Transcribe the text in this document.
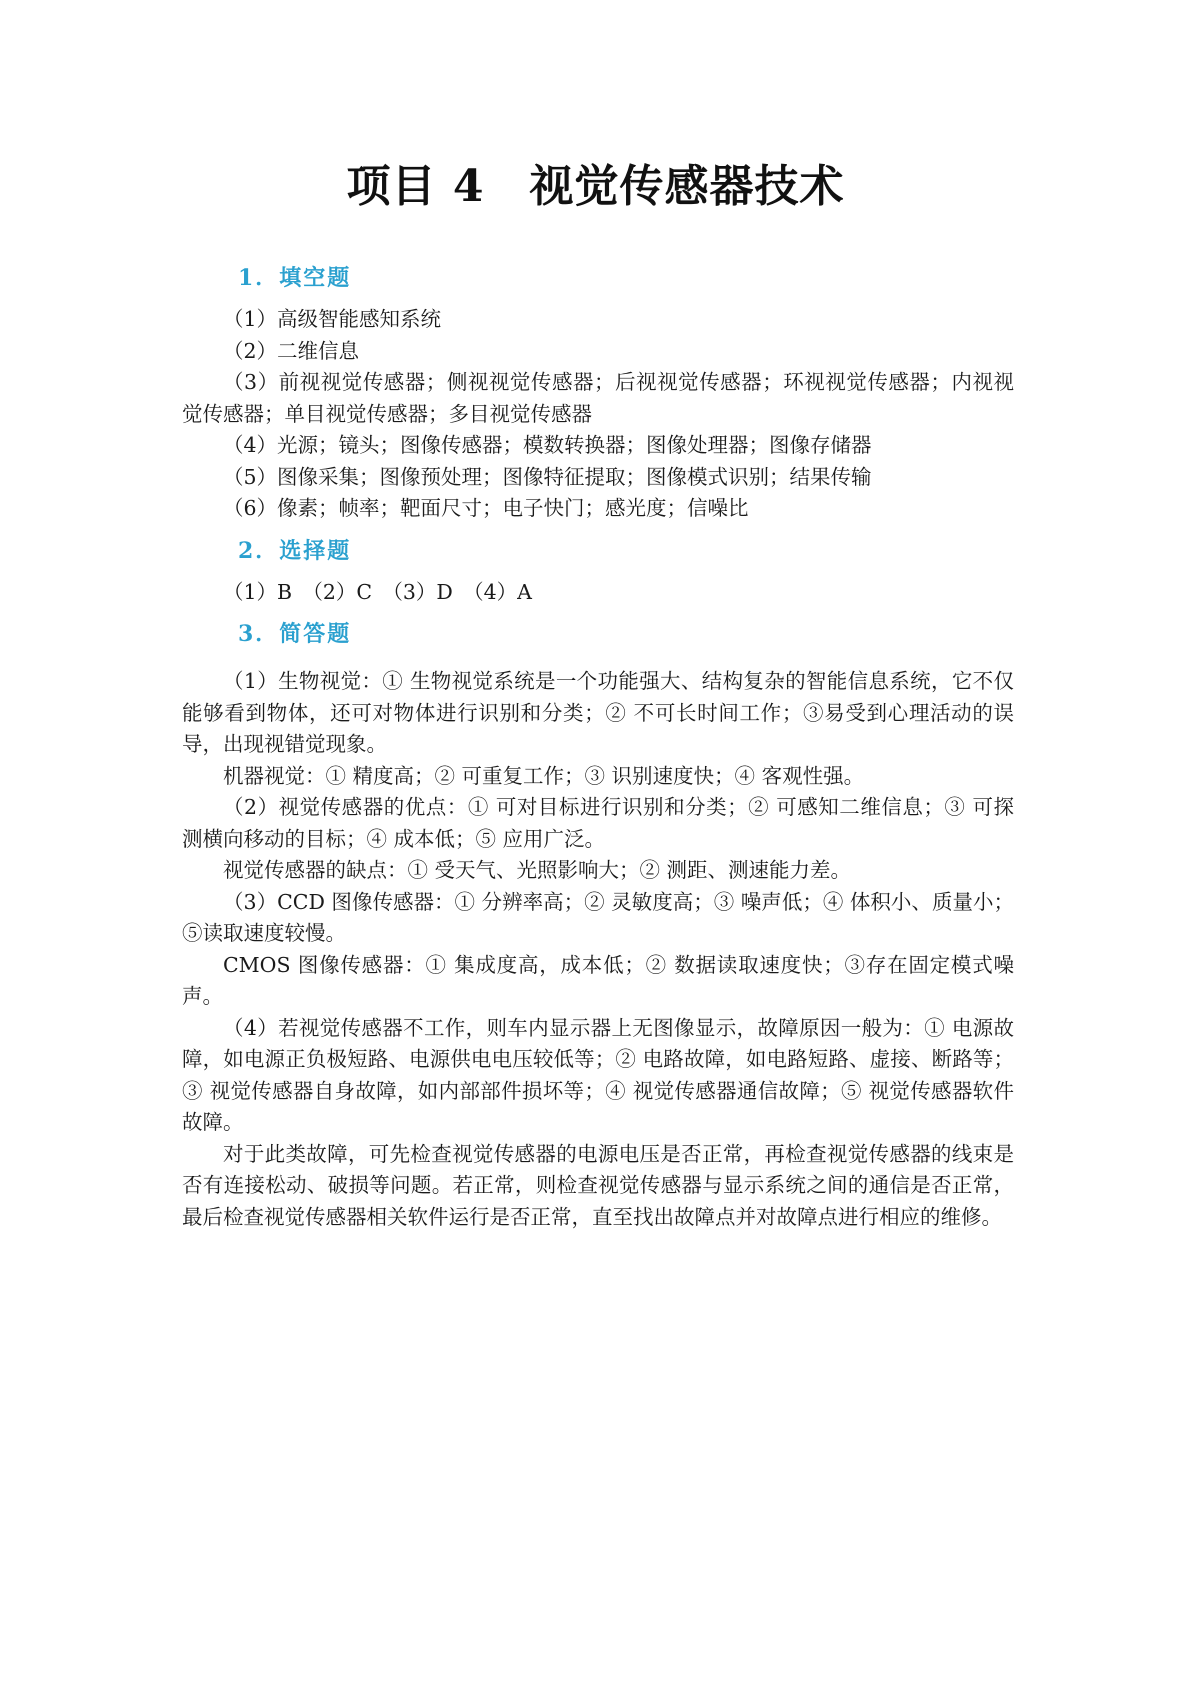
项目 4　视觉传感器技术
1．填空题

（1）高级智能感知系统

（2）二维信息

（3）前视视觉传感器；侧视视觉传感器；后视视觉传感器；环视视觉传感器；内视视觉传感器；单目视觉传感器；多目视觉传感器

（4）光源；镜头；图像传感器；模数转换器；图像处理器；图像存储器

（5）图像采集；图像预处理；图像特征提取；图像模式识别；结果传输

（6）像素；帧率；靶面尺寸；电子快门；感光度；信噪比

2．选择题

（1）B　（2）C　（3）D　（4）A

3．简答题

（1）生物视觉：① 生物视觉系统是一个功能强大、结构复杂的智能信息系统，它不仅能够看到物体，还可对物体进行识别和分类；② 不可长时间工作；③易受到心理活动的误导，出现视错觉现象。

机器视觉：① 精度高；② 可重复工作；③ 识别速度快；④ 客观性强。

（2）视觉传感器的优点：① 可对目标进行识别和分类；② 可感知二维信息；③ 可探测横向移动的目标；④ 成本低；⑤ 应用广泛。

视觉传感器的缺点：① 受天气、光照影响大；② 测距、测速能力差。

（3）CCD 图像传感器：① 分辨率高；② 灵敏度高；③ 噪声低；④ 体积小、质量小；⑤读取速度较慢。

CMOS 图像传感器：① 集成度高，成本低；② 数据读取速度快；③存在固定模式噪声。

（4）若视觉传感器不工作，则车内显示器上无图像显示，故障原因一般为：① 电源故障，如电源正负极短路、电源供电电压较低等；② 电路故障，如电路短路、虚接、断路等；③ 视觉传感器自身故障，如内部部件损坏等；④ 视觉传感器通信故障；⑤ 视觉传感器软件故障。

对于此类故障，可先检查视觉传感器的电源电压是否正常，再检查视觉传感器的线束是否有连接松动、破损等问题。若正常，则检查视觉传感器与显示系统之间的通信是否正常，最后检查视觉传感器相关软件运行是否正常，直至找出故障点并对故障点进行相应的维修。
